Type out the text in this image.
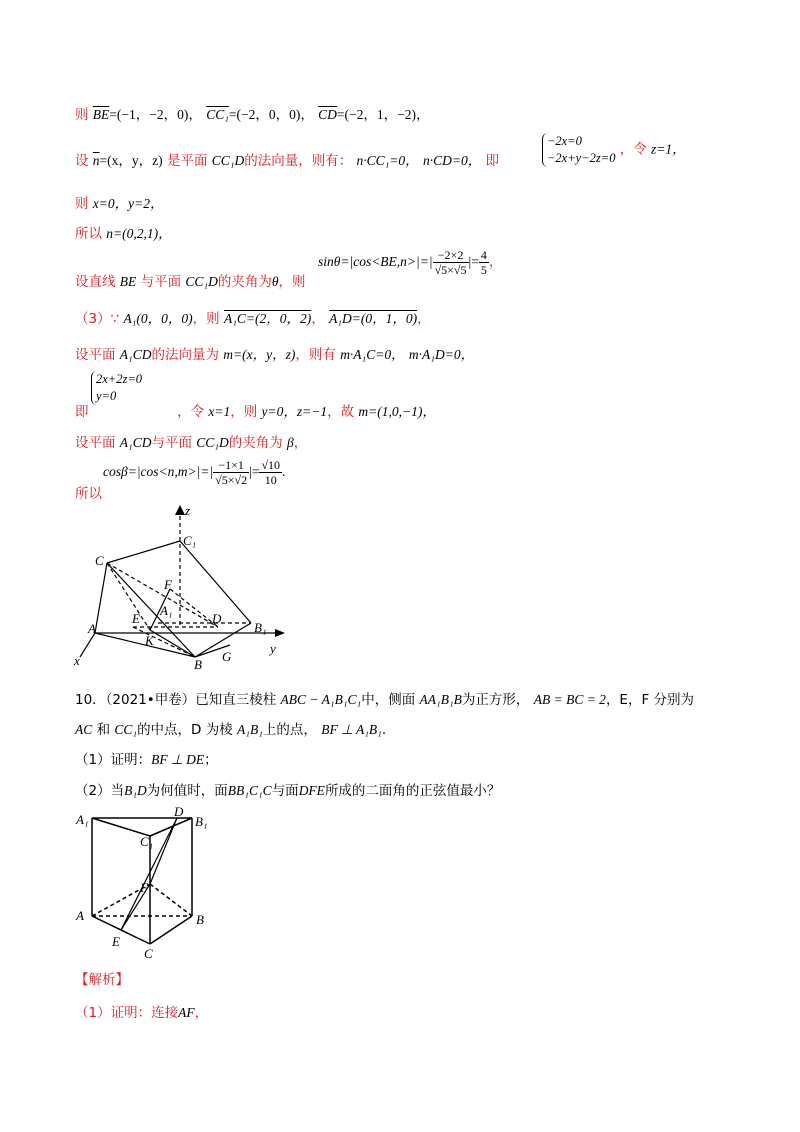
则 $\overline{BE}=(-1$，−2，0)， CC₁=(−2，0，0)， $\overline{CD}=(-2$，1，−2)，
设 $\overline{n}=(x$，y，z) 是平面 CC₁D的法向量，则有： n·CC₁=0， n·CD=0， 即
−2x=0
−2x+y−2z=0 ，令 z=1，
则 x=0，y=2，
所以 n=(0,2,1)，
设直线 BE 与平面 CC₁D的夹角为θ，则
$\sin\theta=|\cos<BE,n>|=| \frac{-2\times 2}{√5\times√5}$ |= $\frac{4}{5}$ ，
（3）∵ A₁(0，0，0)，则 A₁C=(2，0，2)， A₁D=(0，1，0)，
设平面 A₁CD的法向量为 m=(x，y，z)，则有 m·A₁C=0， m·A₁D=0，
2x+2z=0
y=0
即	，令 x=1，则 y=0，z=−1，故 m=(1,0,−1)，
设平面 A₁CD与平面 CC₁D的夹角为 β，
$\cos\beta=|\cos<n,m>|=| \frac{-1\times 1}{√5\times√2}$ |= $\frac{√10}{10}$ .
所以
z
C₁
C
F
A₁
D
B₁
A
E
K
x	B
G
y
10．（2021•甲卷）已知直三棱柱 ABC − A₁B₁C₁中，侧面 AA₁B₁B为正方形， AB = BC = 2，E，F 分别为
AC 和 CC₁的中点，D 为棱 A₁B₁上的点， BF ⊥ A₁B₁.
（1）证明：BF ⊥ DE；
（2）当B₁D为何值时，面BB₁C₁C与面DFE所成的二面角的正弦值最小？
A₁
D
B₁
C₁
F
A	B
E
C
【解析】
（1）证明：连接AF，
